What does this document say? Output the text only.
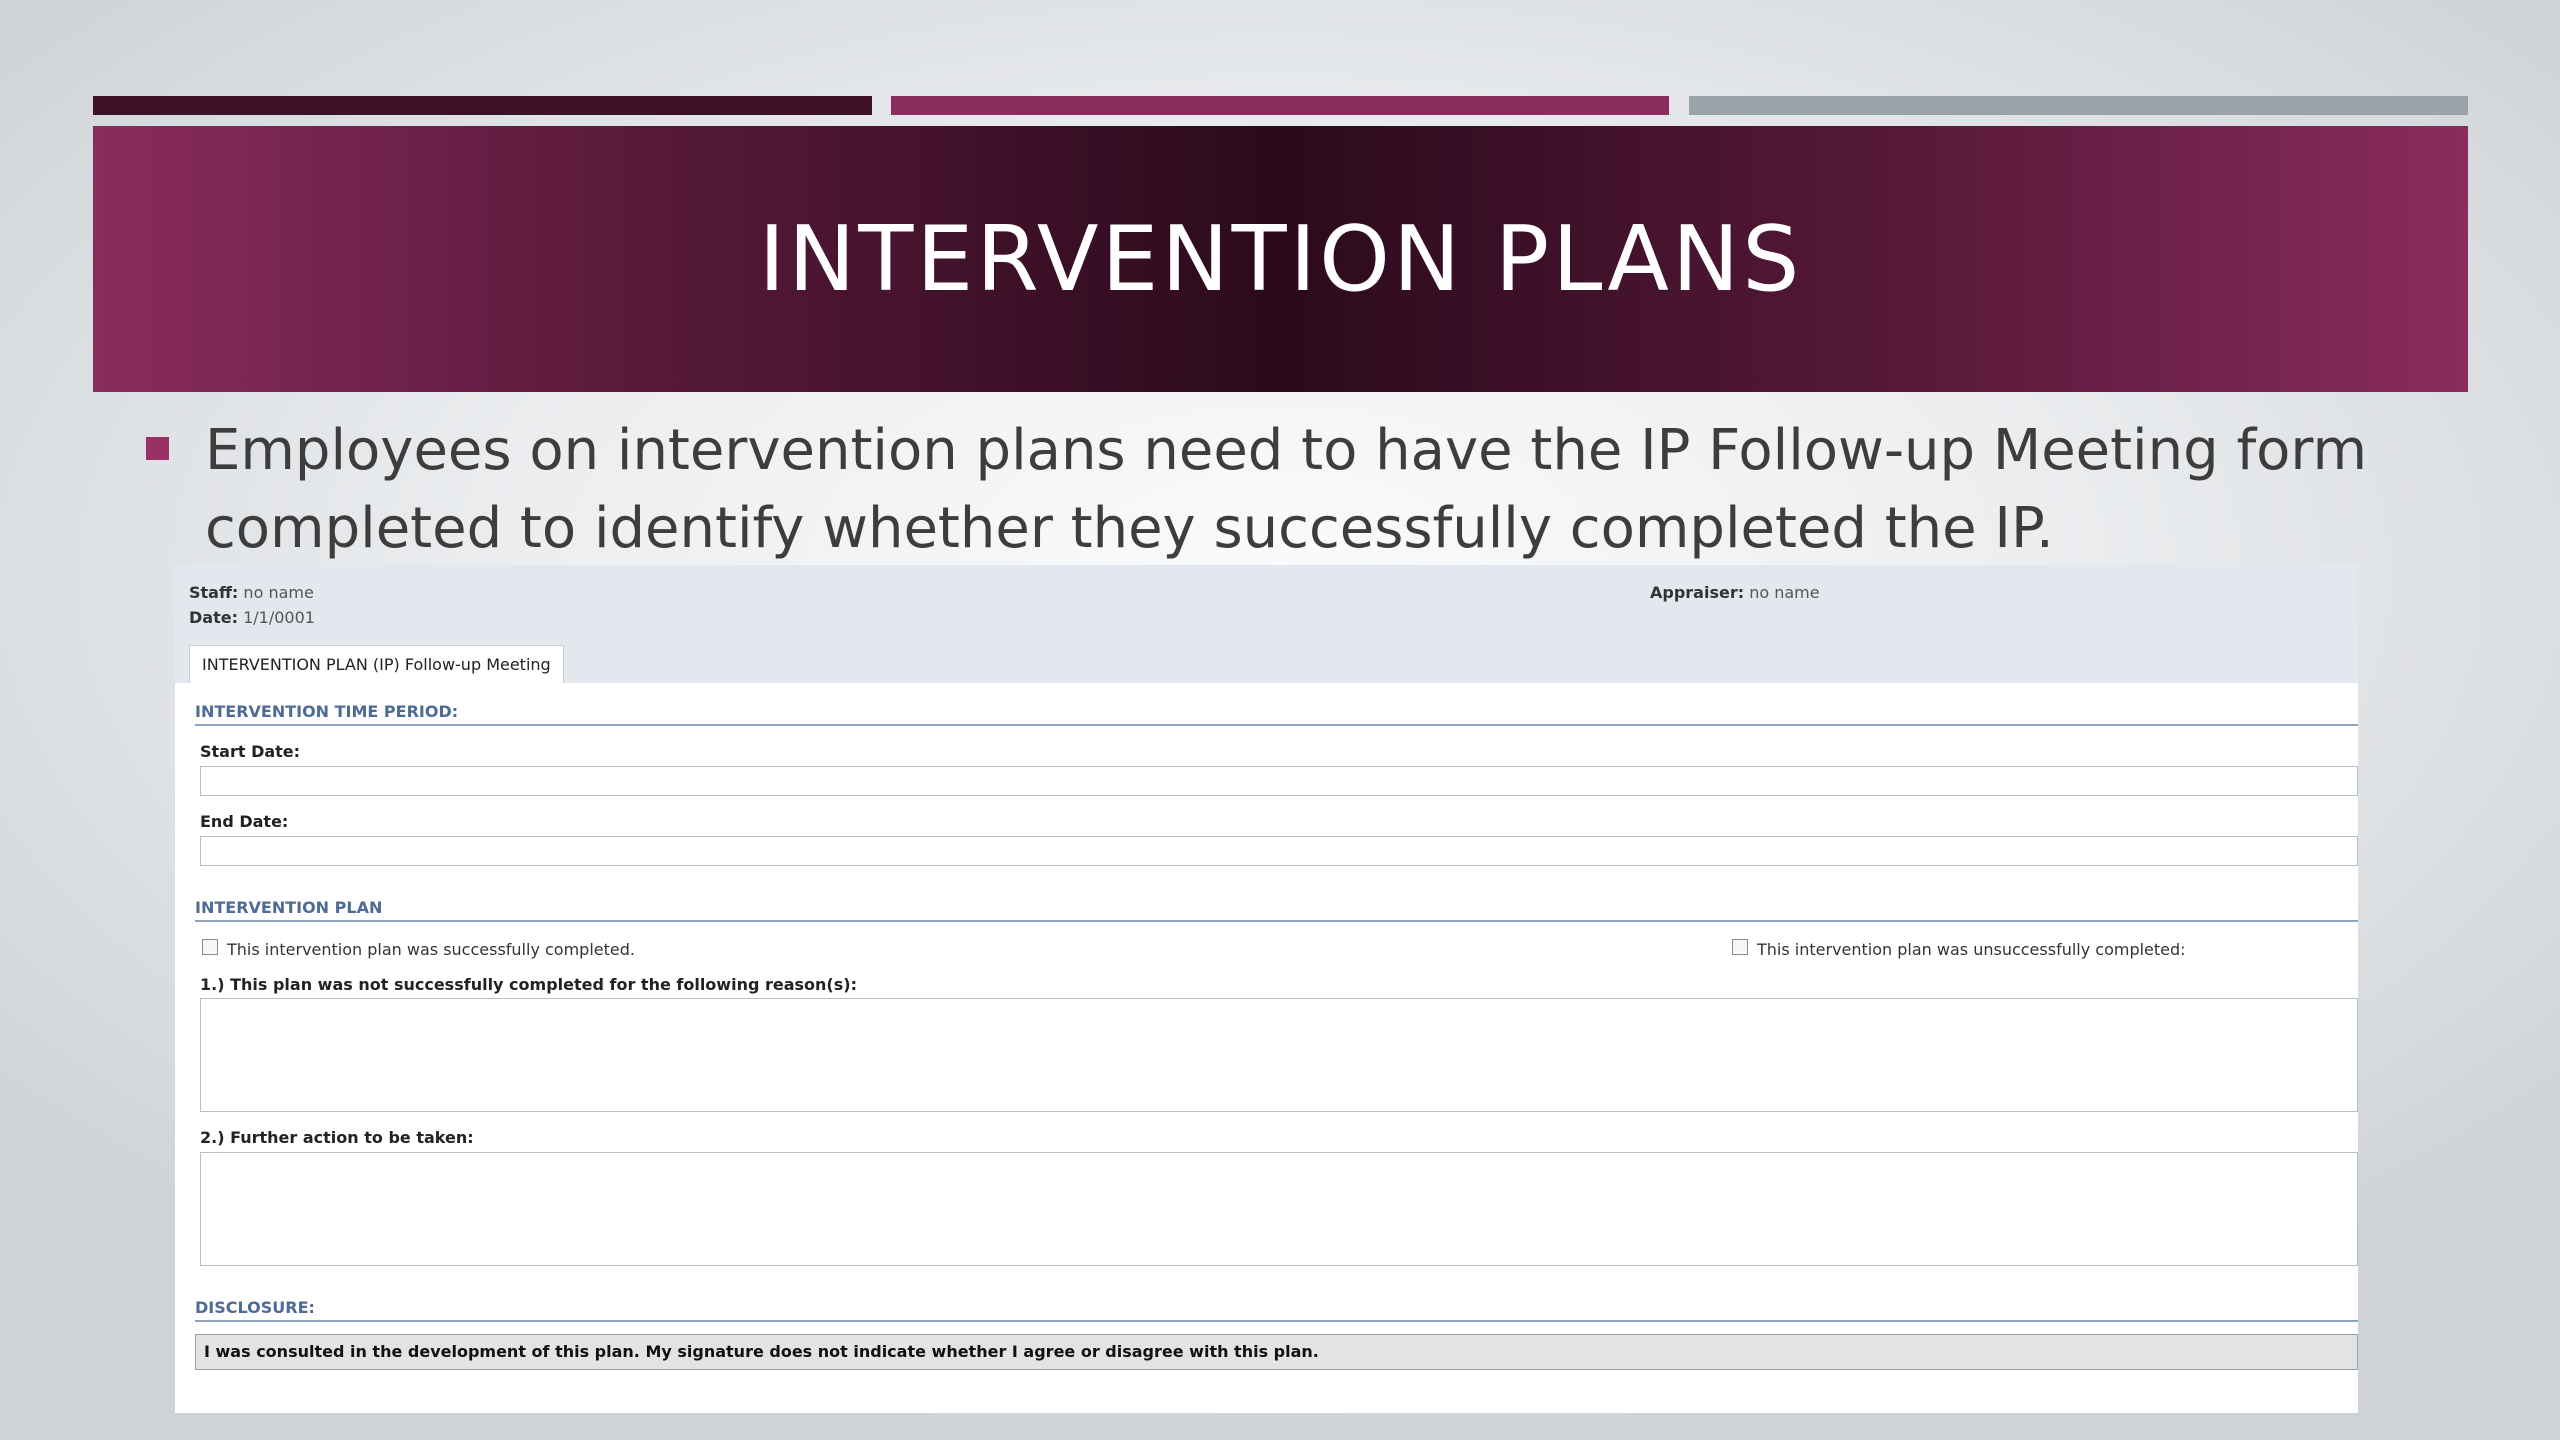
INTERVENTION PLANS
Employees on intervention plans need to have the IP Follow-up Meeting form completed to identify whether they successfully completed the IP.
Staff: no name
Date: 1/1/0001
Appraiser: no name
INTERVENTION PLAN (IP) Follow-up Meeting
INTERVENTION TIME PERIOD:
Start Date:
End Date:
INTERVENTION PLAN
This intervention plan was successfully completed.	This intervention plan was unsuccessfully completed:
1.) This plan was not successfully completed for the following reason(s):
2.) Further action to be taken:
DISCLOSURE:
I was consulted in the development of this plan. My signature does not indicate whether I agree or disagree with this plan.
